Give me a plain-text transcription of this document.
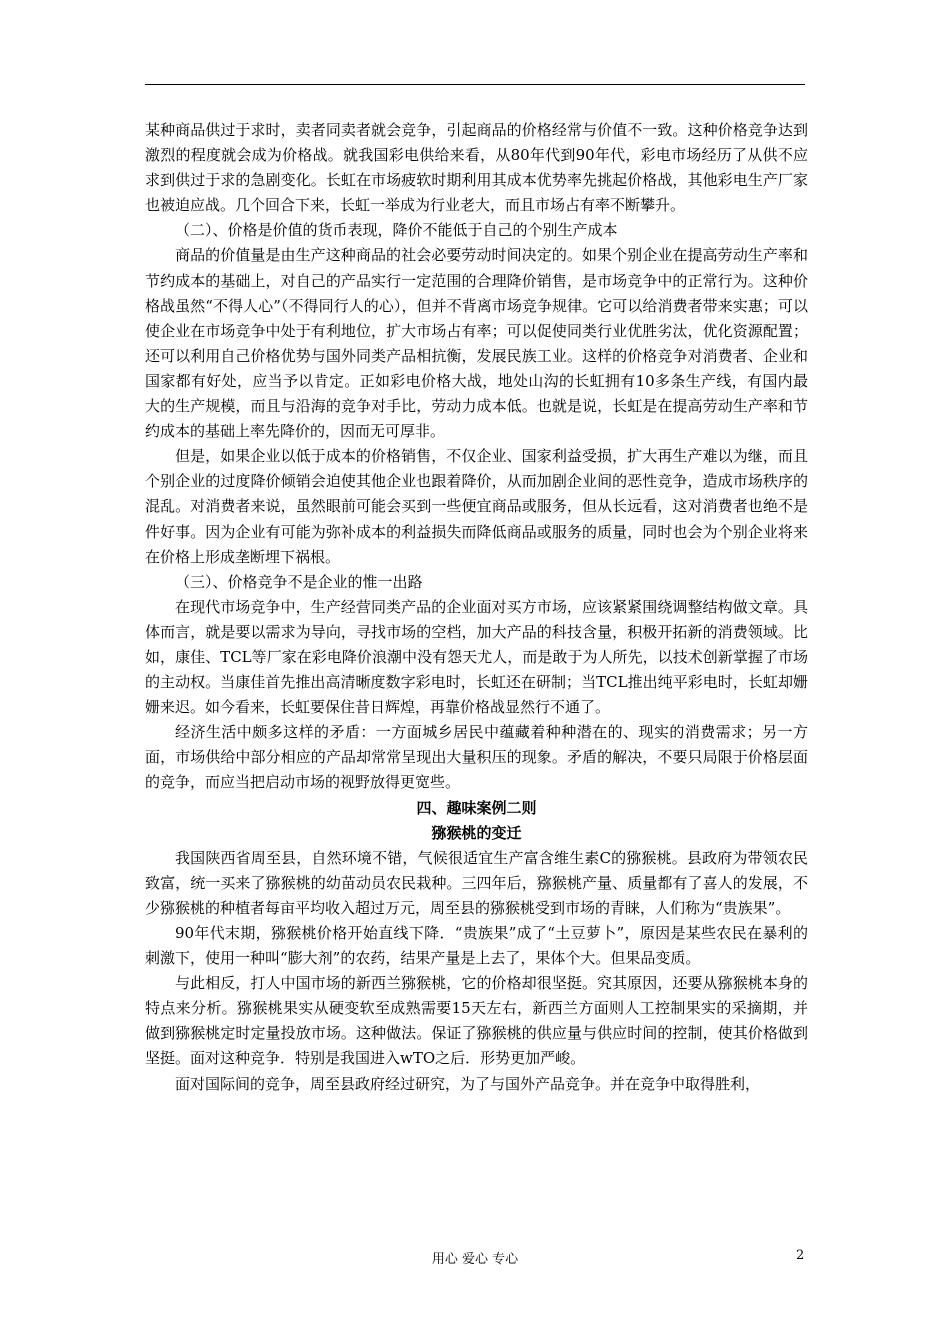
某种商品供过于求时，卖者同卖者就会竞争，引起商品的价格经常与价值不一致。这种价格竞争达到激烈的程度就会成为价格战。就我国彩电供给来看，从80年代到90年代，彩电市场经历了从供不应求到供过于求的急剧变化。长虹在市场疲软时期利用其成本优势率先挑起价格战，其他彩电生产厂家也被迫应战。几个回合下来，长虹一举成为行业老大，而且市场占有率不断攀升。

（二）、价格是价值的货币表现，降价不能低于自己的个别生产成本

商品的价值量是由生产这种商品的社会必要劳动时间决定的。如果个别企业在提高劳动生产率和节约成本的基础上，对自己的产品实行一定范围的合理降价销售，是市场竞争中的正常行为。这种价格战虽然“不得人心”（不得同行人的心），但并不背离市场竞争规律。它可以给消费者带来实惠；可以使企业在市场竞争中处于有利地位，扩大市场占有率；可以促使同类行业优胜劣汰，优化资源配置；还可以利用自己价格优势与国外同类产品相抗衡，发展民族工业。这样的价格竞争对消费者、企业和国家都有好处，应当予以肯定。正如彩电价格大战，地处山沟的长虹拥有10多条生产线，有国内最大的生产规模，而且与沿海的竞争对手比，劳动力成本低。也就是说，长虹是在提高劳动生产率和节约成本的基础上率先降价的，因而无可厚非。

但是，如果企业以低于成本的价格销售，不仅企业、国家利益受损，扩大再生产难以为继，而且个别企业的过度降价倾销会迫使其他企业也跟着降价，从而加剧企业间的恶性竞争，造成市场秩序的混乱。对消费者来说，虽然眼前可能会买到一些便宜商品或服务，但从长远看，这对消费者也绝不是件好事。因为企业有可能为弥补成本的利益损失而降低商品或服务的质量，同时也会为个别企业将来在价格上形成垄断埋下祸根。

（三）、价格竞争不是企业的惟一出路

在现代市场竞争中，生产经营同类产品的企业面对买方市场，应该紧紧围绕调整结构做文章。具体而言，就是要以需求为导向，寻找市场的空档，加大产品的科技含量，积极开拓新的消费领域。比如，康佳、TCL等厂家在彩电降价浪潮中没有怨天尤人，而是敢于为人所先，以技术创新掌握了市场的主动权。当康佳首先推出高清晰度数字彩电时，长虹还在研制；当TCL推出纯平彩电时，长虹却姗姗来迟。如今看来，长虹要保住昔日辉煌，再靠价格战显然行不通了。

经济生活中颇多这样的矛盾：一方面城乡居民中蕴藏着种种潜在的、现实的消费需求；另一方面，市场供给中部分相应的产品却常常呈现出大量积压的现象。矛盾的解决，不要只局限于价格层面的竞争，而应当把启动市场的视野放得更宽些。

四、趣味案例二则

猕猴桃的变迁

我国陕西省周至县，自然环境不错，气候很适宜生产富含维生素C的猕猴桃。县政府为带领农民致富，统一买来了猕猴桃的幼苗动员农民栽种。三四年后，猕猴桃产量、质量都有了喜人的发展，不少猕猴桃的种植者每亩平均收入超过万元，周至县的猕猴桃受到市场的青睐，人们称为“贵族果”。

90年代末期，猕猴桃价格开始直线下降．“贵族果”成了“土豆萝卜”，原因是某些农民在暴利的刺激下，使用一种叫“膨大剂”的农药，结果产量是上去了，果体个大。但果品变质。

与此相反，打人中国市场的新西兰猕猴桃，它的价格却很坚挺。究其原因，还要从猕猴桃本身的特点来分析。猕猴桃果实从硬变软至成熟需要15天左右，新西兰方面则人工控制果实的采摘期，并做到猕猴桃定时定量投放市场。这种做法。保证了猕猴桃的供应量与供应时间的控制，使其价格做到坚挺。面对这种竞争．特别是我国进入wTO之后．形势更加严峻。

面对国际间的竞争，周至县政府经过研究，为了与国外产品竞争。并在竞争中取得胜利，

用心 爱心 专心	2
